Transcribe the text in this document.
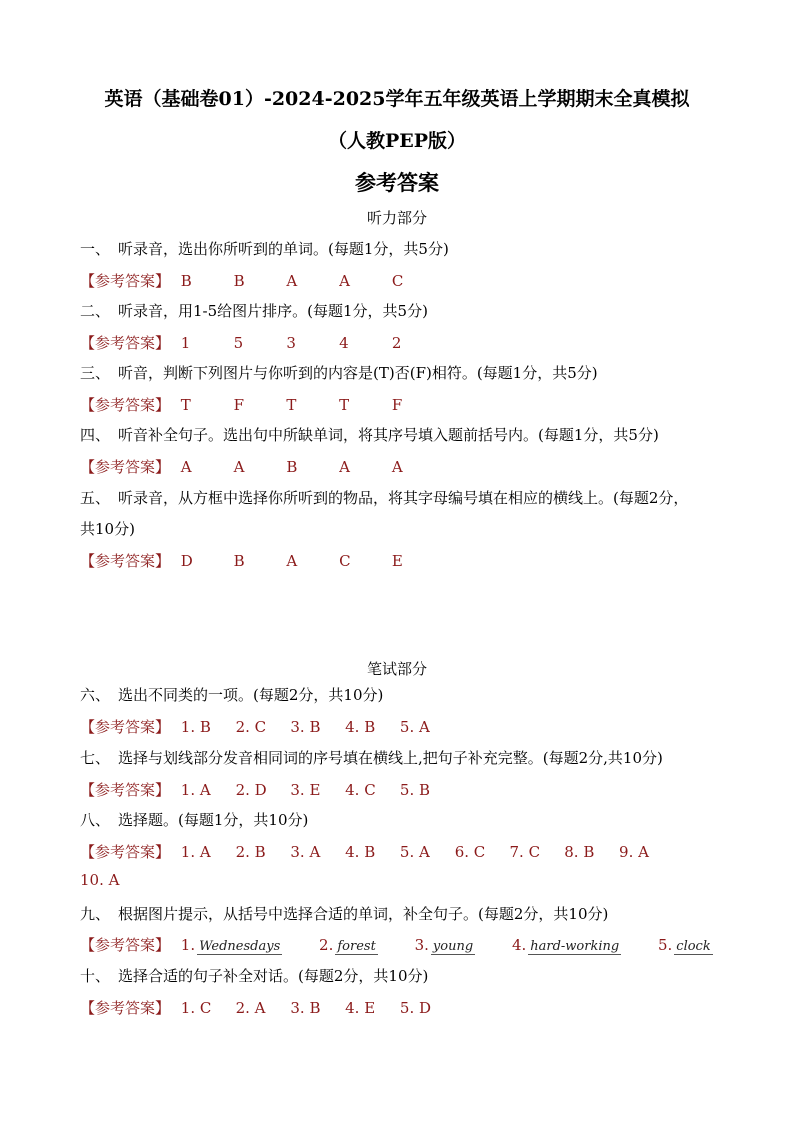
英语（基础卷01）-2024-2025学年五年级英语上学期期末全真模拟
（人教PEP版）
参考答案
听力部分
一、 听录音，选出你所听到的单词。(每题1分，共5分)
【参考答案】 B	B	A	A	C
二、 听录音，用1-5给图片排序。(每题1分，共5分)
【参考答案】 1	5	3	4	2
三、 听音，判断下列图片与你听到的内容是(T)否(F)相符。(每题1分，共5分)
【参考答案】 T	F	T	T	F
四、 听音补全句子。选出句中所缺单词，将其序号填入题前括号内。(每题1分，共5分)
【参考答案】 A	A	B	A	A
五、 听录音，从方框中选择你所听到的物品，将其字母编号填在相应的横线上。(每题2分，
共10分)
【参考答案】 D	B	A	C	E
笔试部分
六、 选出不同类的一项。(每题2分，共10分)
【参考答案】 1. B 2. C 3. B 4. B 5. A
七、 选择与划线部分发音相同词的序号填在横线上,把句子补充完整。(每题2分,共10分)
【参考答案】 1. A 2. D 3. E 4. C 5. B
八、 选择题。(每题1分，共10分)
【参考答案】 1. A 2. B 3. A 4. B 5. A 6. C 7. C 8. B 9. A
10. A
九、 根据图片提示，从括号中选择合适的单词，补全句子。(每题2分，共10分)
【参考答案】 1. Wednesdays	2. forest	3. young	4. hard-working	5. clock
十、 选择合适的句子补全对话。(每题2分，共10分)
【参考答案】 1. C 2. A 3. B 4. E 5. D
